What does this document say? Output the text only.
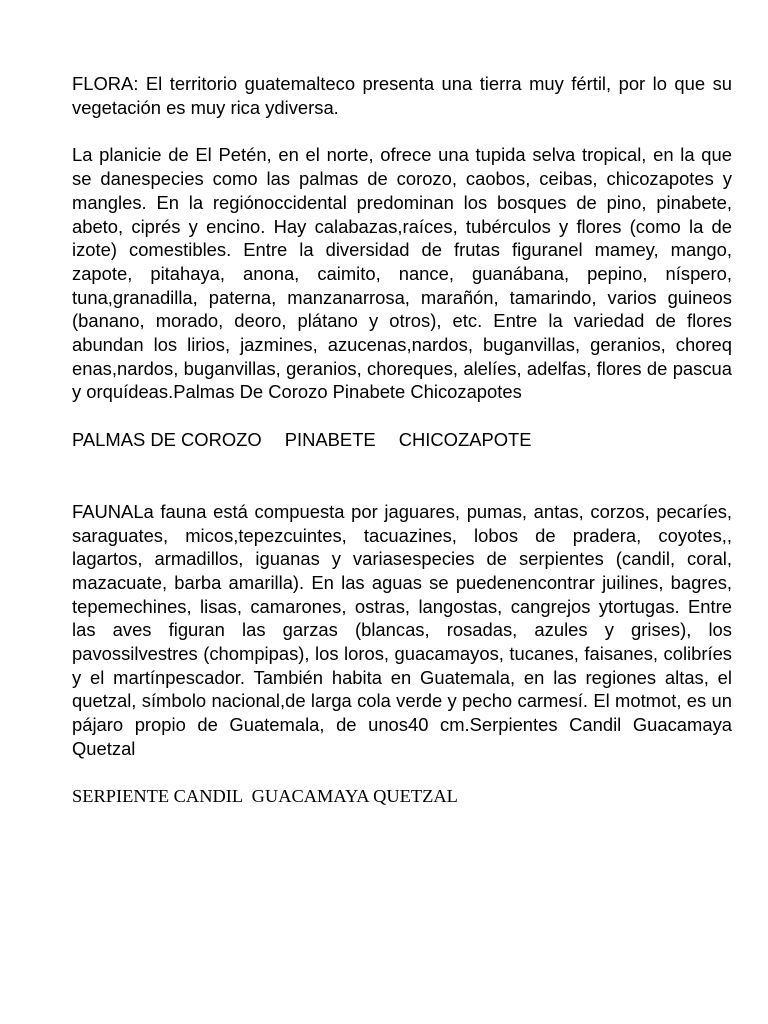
FLORA: El territorio guatemalteco presenta una tierra muy fértil, por lo que su vegetación es muy rica ydiversa.

La planicie de El Petén, en el norte, ofrece una tupida selva tropical, en la que se danespecies como las palmas de corozo, caobos, ceibas, chicozapotes y mangles. En la regiónoccidental predominan los bosques de pino, pinabete, abeto, ciprés y encino. Hay calabazas,raíces, tubérculos y flores (como la de izote) comestibles. Entre la diversidad de frutas figuranel mamey, mango, zapote, pitahaya, anona, caimito, nance, guanábana, pepino, níspero, tuna,granadilla, paterna, manzanarrosa, marañón, tamarindo, varios guineos (banano, morado, deoro, plátano y otros), etc. Entre la variedad de flores abundan los lirios, jazmines, azucenas,nardos, buganvillas, geranios, choreq enas,nardos, buganvillas, geranios, choreques, alelíes, adelfas, flores de pascua y orquídeas.Palmas De Corozo Pinabete Chicozapotes

PALMAS DE COROZO PINABETE CHICOZAPOTE

FAUNALa fauna está compuesta por jaguares, pumas, antas, corzos, pecaríes, saraguates, micos,tepezcuintes, tacuazines, lobos de pradera, coyotes,, lagartos, armadillos, iguanas y variasespecies de serpientes (candil, coral, mazacuate, barba amarilla). En las aguas se puedenencontrar juilines, bagres, tepemechines, lisas, camarones, ostras, langostas, cangrejos ytortugas. Entre las aves figuran las garzas (blancas, rosadas, azules y grises), los pavossilvestres (chompipas), los loros, guacamayos, tucanes, faisanes, colibríes y el martínpescador. También habita en Guatemala, en las regiones altas, el quetzal, símbolo nacional,de larga cola verde y pecho carmesí. El motmot, es un pájaro propio de Guatemala, de unos40 cm.Serpientes Candil Guacamaya Quetzal

SERPIENTE CANDIL  GUACAMAYA QUETZAL
